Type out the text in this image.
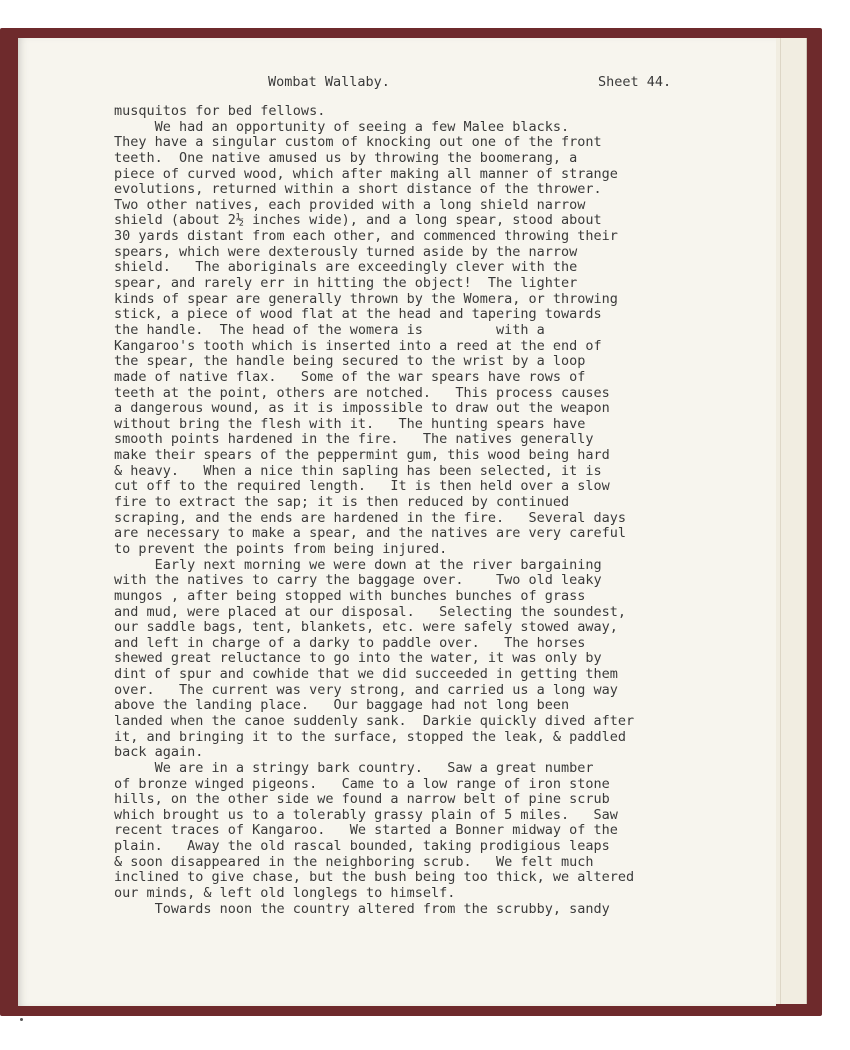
Wombat Wallaby.

	Sheet 44.

musquitos for bed fellows.
We had an opportunity of seeing a few Malee blacks.
They have a singular custom of knocking out one of the front
teeth.  One native amused us by throwing the boomerang, a
piece of curved wood, which after making all manner of strange
evolutions, returned within a short distance of the thrower.
Two other natives, each provided with a long shield narrow
shield (about 2½ inches wide), and a long spear, stood about
30 yards distant from each other, and commenced throwing their
spears, which were dexterously turned aside by the narrow
shield.   The aboriginals are exceedingly clever with the
spear, and rarely err in hitting the object!  The lighter
kinds of spear are generally thrown by the Womera, or throwing
stick, a piece of wood flat at the head and tapering towards
the handle.  The head of the womera is         with a
Kangaroo's tooth which is inserted into a reed at the end of
the spear, the handle being secured to the wrist by a loop
made of native flax.   Some of the war spears have rows of
teeth at the point, others are notched.   This process causes
a dangerous wound, as it is impossible to draw out the weapon
without bring the flesh with it.   The hunting spears have
smooth points hardened in the fire.   The natives generally
make their spears of the peppermint gum, this wood being hard
& heavy.   When a nice thin sapling has been selected, it is
cut off to the required length.   It is then held over a slow
fire to extract the sap; it is then reduced by continued
scraping, and the ends are hardened in the fire.   Several days
are necessary to make a spear, and the natives are very careful
to prevent the points from being injured.
Early next morning we were down at the river bargaining
with the natives to carry the baggage over.    Two old leaky
mungos , after being stopped with bunches bunches of grass
and mud, were placed at our disposal.   Selecting the soundest,
our saddle bags, tent, blankets, etc. were safely stowed away,
and left in charge of a darky to paddle over.   The horses
shewed great reluctance to go into the water, it was only by
dint of spur and cowhide that we did succeeded in getting them
over.   The current was very strong, and carried us a long way
above the landing place.   Our baggage had not long been
landed when the canoe suddenly sank.  Darkie quickly dived after
it, and bringing it to the surface, stopped the leak, & paddled
back again.
We are in a stringy bark country.   Saw a great number
of bronze winged pigeons.   Came to a low range of iron stone
hills, on the other side we found a narrow belt of pine scrub
which brought us to a tolerably grassy plain of 5 miles.   Saw
recent traces of Kangaroo.   We started a Bonner midway of the
plain.   Away the old rascal bounded, taking prodigious leaps
& soon disappeared in the neighboring scrub.   We felt much
inclined to give chase, but the bush being too thick, we altered
our minds, & left old longlegs to himself.
Towards noon the country altered from the scrubby, sandy
